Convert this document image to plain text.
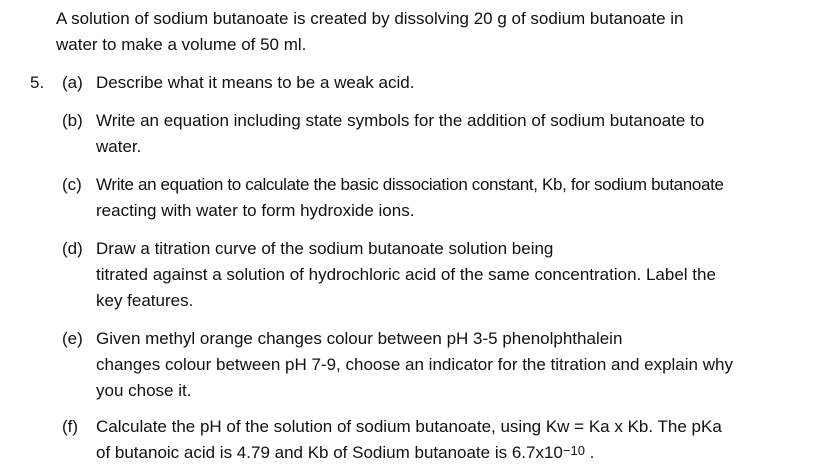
A solution of sodium butanoate is created by dissolving 20 g of sodium butanoate in
water to make a volume of 50 ml.
5. (a) Describe what it means to be a weak acid.
(b) Write an equation including state symbols for the addition of sodium butanoate to
water.
(c) Write an equation to calculate the basic dissociation constant, Kb, for sodium butanoate
reacting with water to form hydroxide ions.
(d) Draw a titration curve of the sodium butanoate solution being
titrated against a solution of hydrochloric acid of the same concentration. Label the
key features.
(e) Given methyl orange changes colour between pH 3-5 phenolphthalein
changes colour between pH 7-9, choose an indicator for the titration and explain why
you chose it.
(f) Calculate the pH of the solution of sodium butanoate, using Kw = Ka x Kb. The pKa
of butanoic acid is 4.79 and Kb of Sodium butanoate is $6.7x10^{-10}$ .
